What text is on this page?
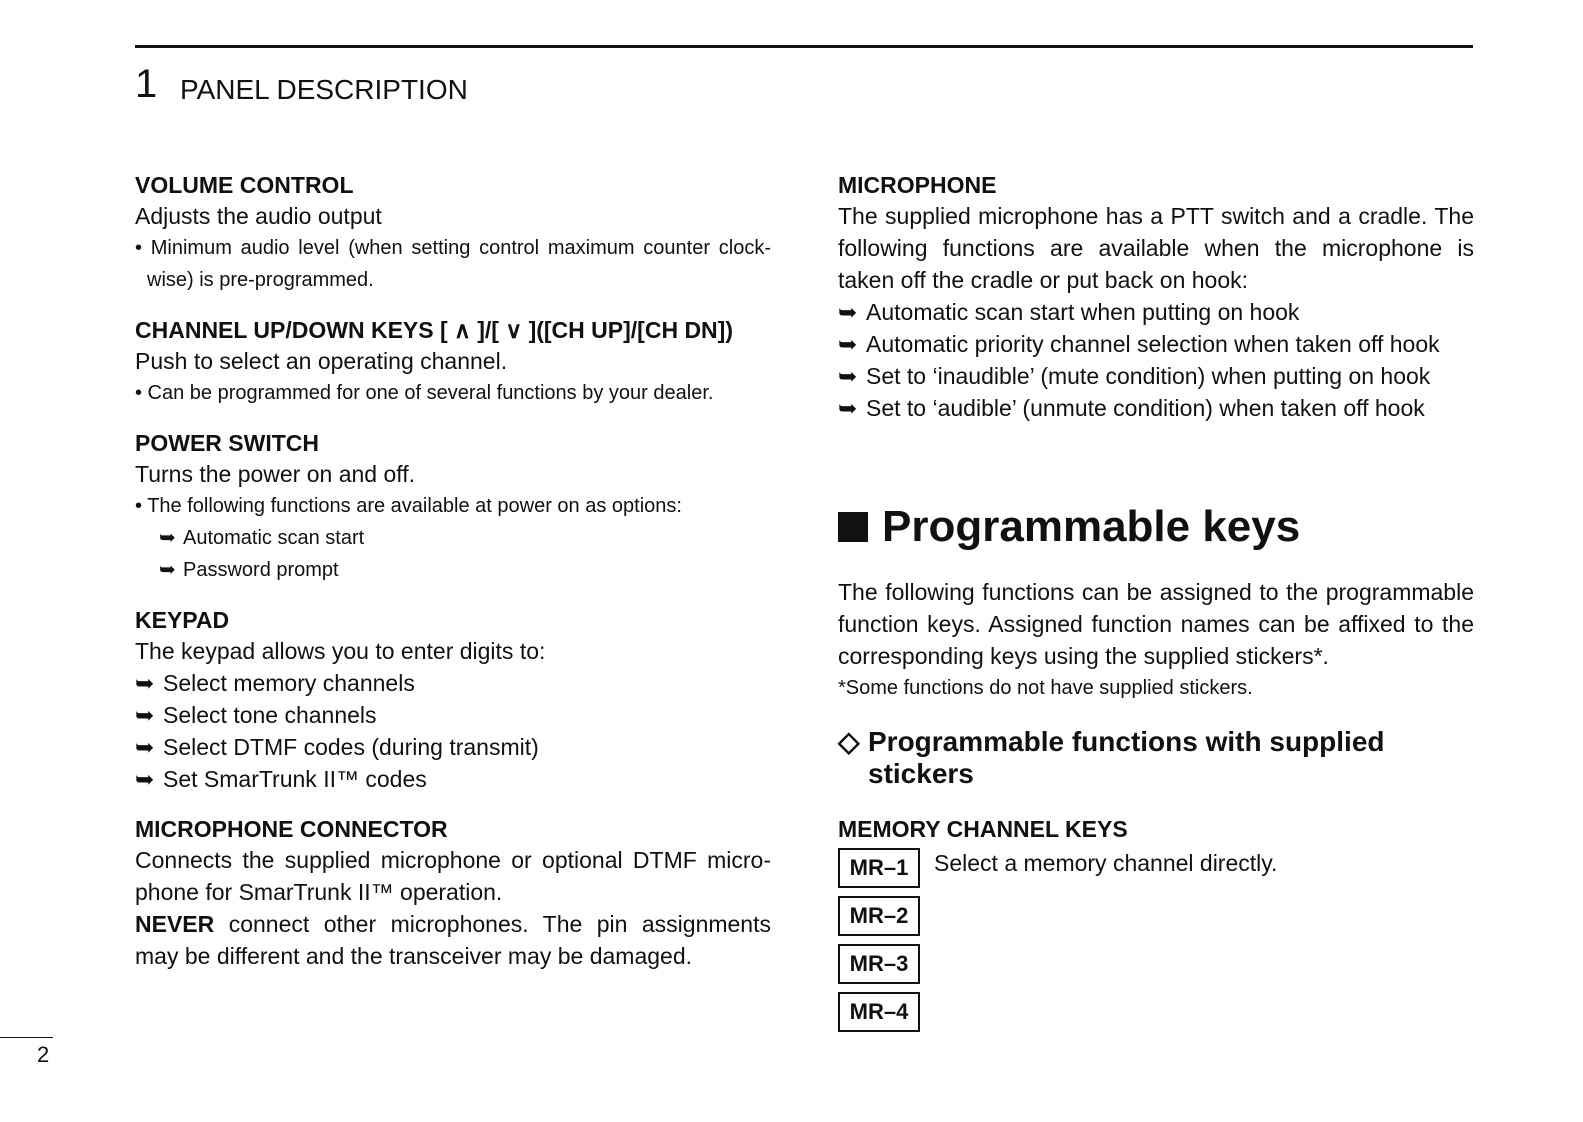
1 PANEL DESCRIPTION

VOLUME CONTROL

Adjusts the audio output

• Minimum audio level (when setting control maximum counter clock-wise) is pre-programmed.

CHANNEL UP/DOWN KEYS [ ∧ ]/[ ∨ ]([CH UP]/[CH DN])

Push to select an operating channel.

• Can be programmed for one of several functions by your dealer.

POWER SWITCH

Turns the power on and off.

• The following functions are available at power on as options:

➥ Automatic scan start
➥ Password prompt

KEYPAD

The keypad allows you to enter digits to:

➥ Select memory channels
➥ Select tone channels
➥ Select DTMF codes (during transmit)
➥ Set SmarTrunk II™ codes

MICROPHONE CONNECTOR

Connects the supplied microphone or optional DTMF micro-phone for SmarTrunk II™ operation.

NEVER connect other microphones. The pin assignments may be different and the transceiver may be damaged.

MICROPHONE

The supplied microphone has a PTT switch and a cradle. The following functions are available when the microphone is taken off the cradle or put back on hook:

➥ Automatic scan start when putting on hook
➥ Automatic priority channel selection when taken off hook
➥ Set to ‘inaudible’ (mute condition) when putting on hook
➥ Set to ‘audible’ (unmute condition) when taken off hook
Programmable keys

The following functions can be assigned to the programmable function keys. Assigned function names can be affixed to the corresponding keys using the supplied stickers*.

*Some functions do not have supplied stickers.

◇ Programmable functions with supplied stickers

MEMORY CHANNEL KEYS

MR–1
MR–2
MR–3
MR–4
Select a memory channel directly.
2
